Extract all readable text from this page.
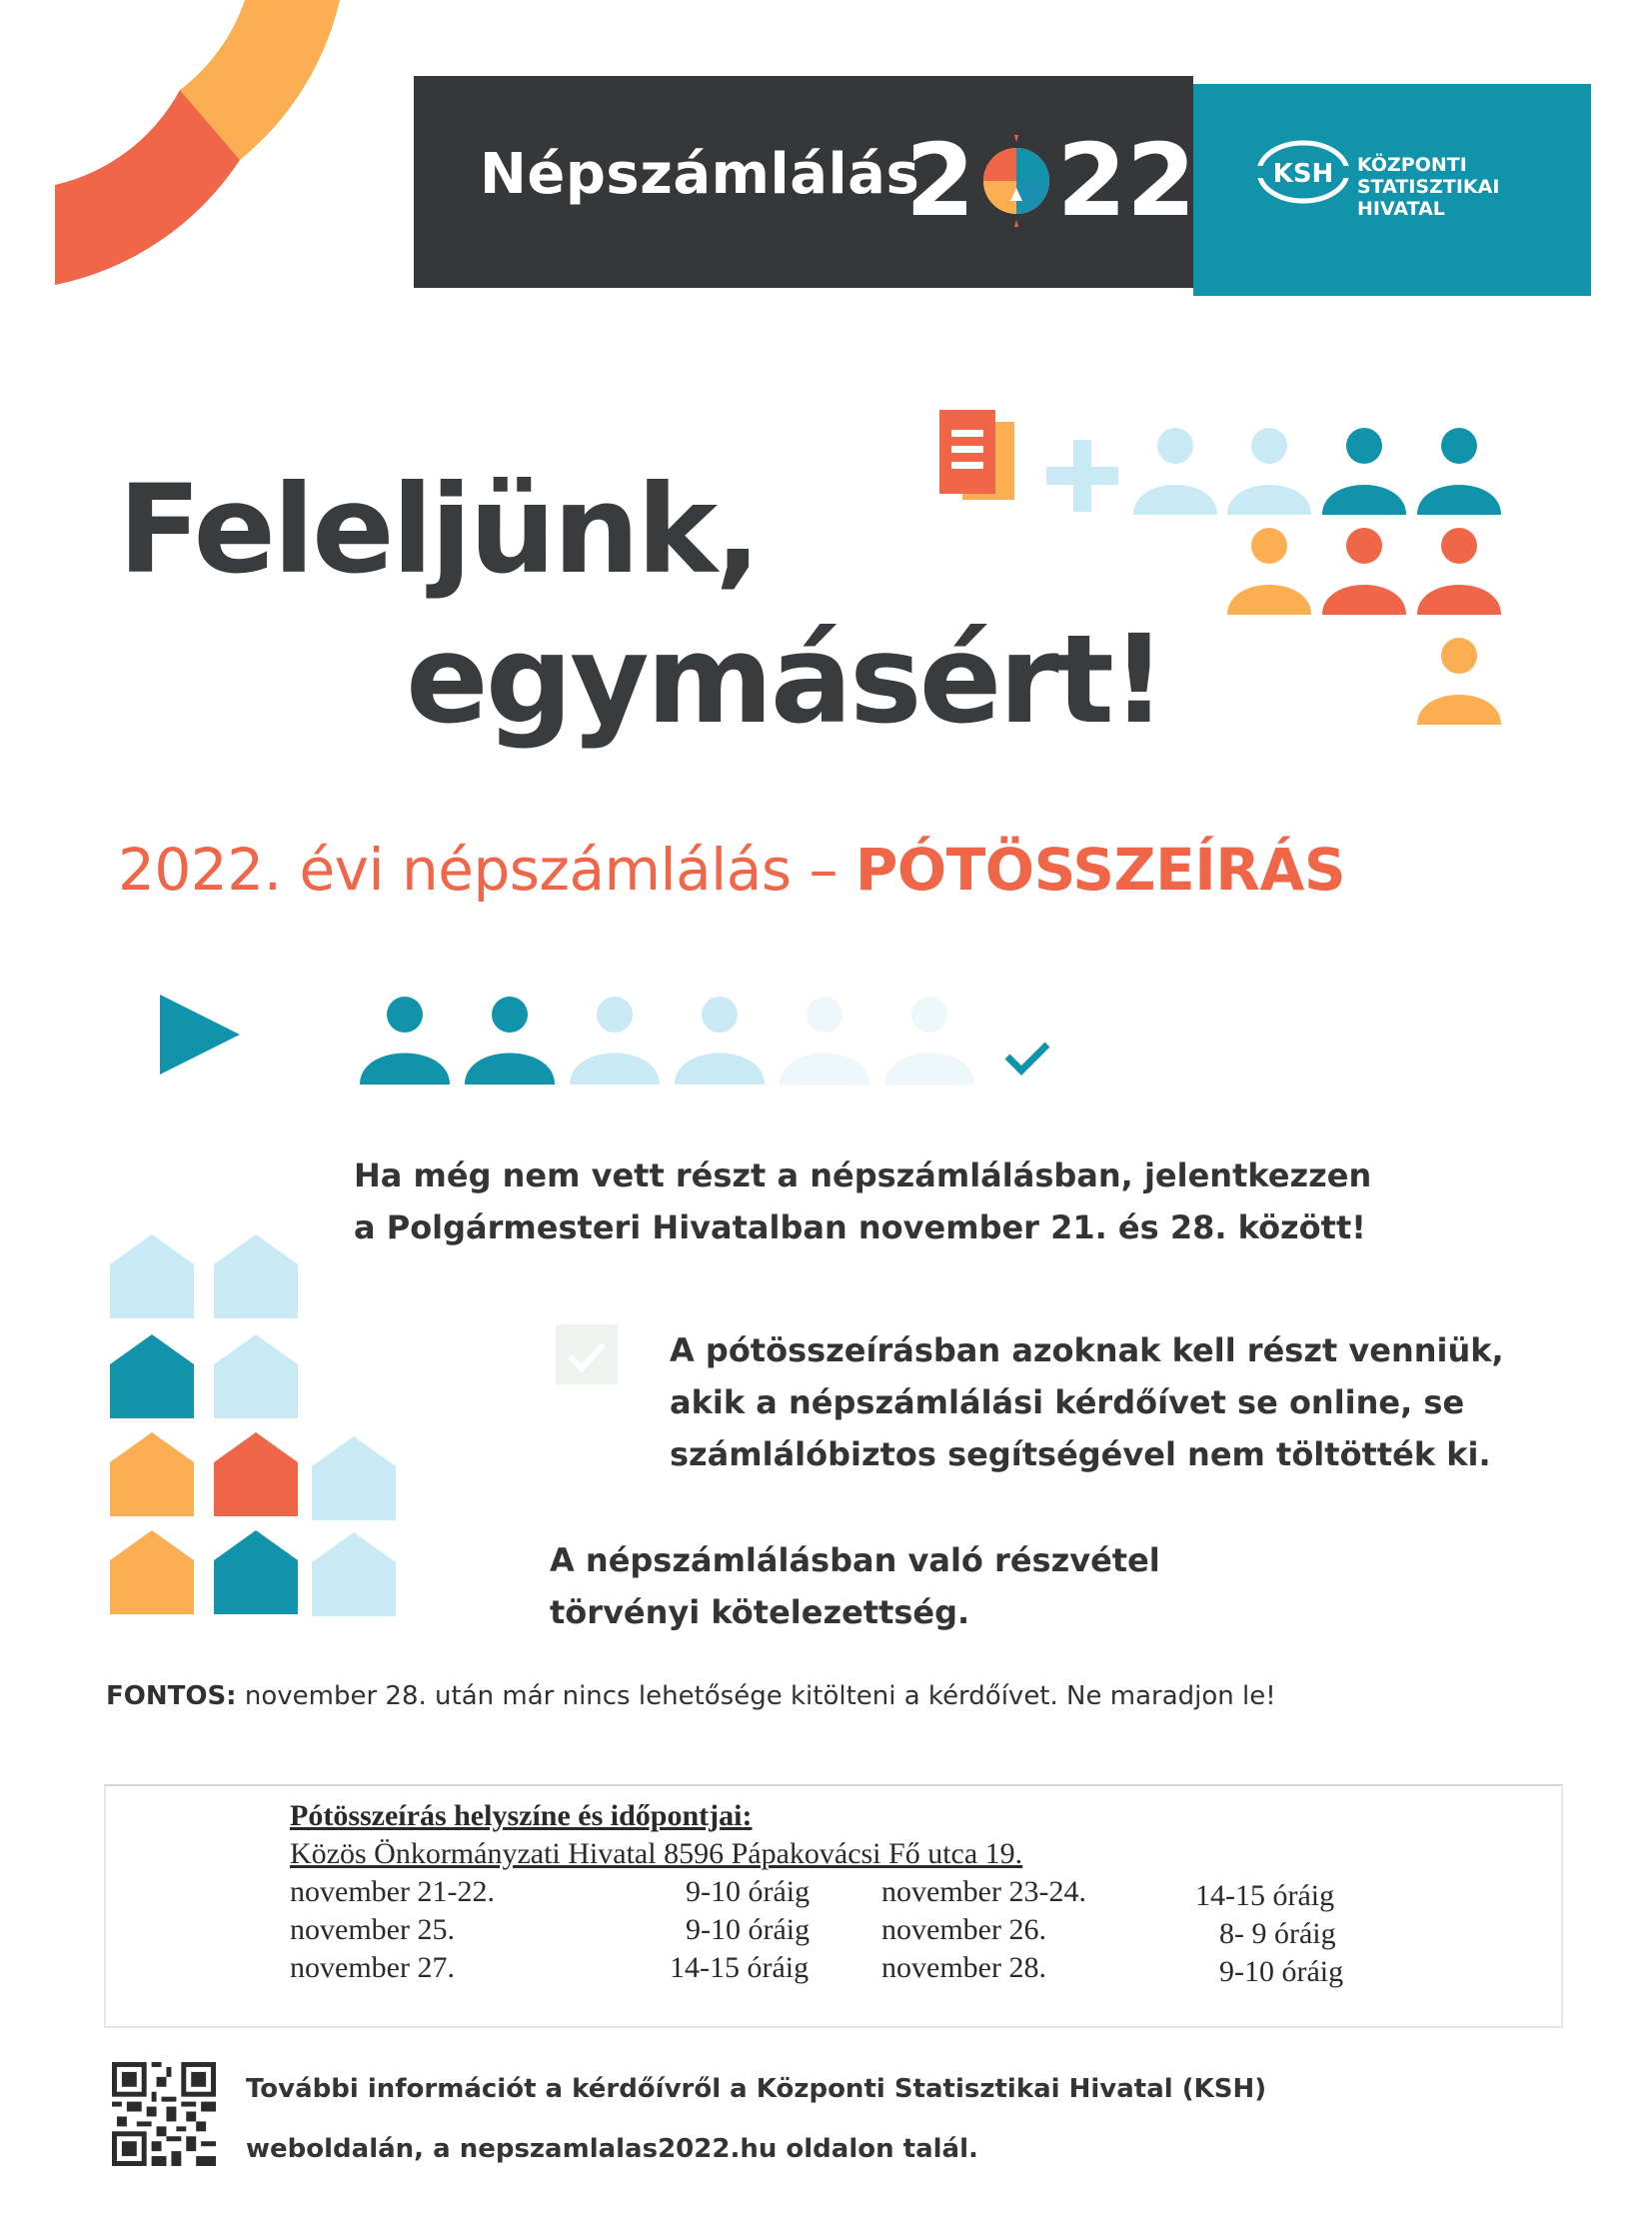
Népszámlálás
2 22	KSH KÖZPONTI
STATISZTIKAI
HIVATAL
Feleljünk,
egymásért!
2022. évi népszámlálás – PÓTÖSSZEÍRÁS
Ha még nem vett részt a népszámlálásban, jelentkezzen
a Polgármesteri Hivatalban november 21. és 28. között!
A pótösszeírásban azoknak kell részt venniük,
akik a népszámlálási kérdőívet se online, se
számlálóbiztos segítségével nem töltötték ki.
A népszámlálásban való részvétel
törvényi kötelezettség.
FONTOS: november 28. után már nincs lehetősége kitölteni a kérdőívet. Ne maradjon le!
Pótösszeírás helyszíne és időpontjai:
Közös Önkormányzati Hivatal 8596 Pápakovácsi Fő utca 19.
november 21-22.	9-10 óráig november 23-24.	14-15 óráig
november 25.	9-10 óráig november 26.	8- 9 óráig
november 27.	14-15 óráig november 28.	9-10 óráig
További információt a kérdőívről a Központi Statisztikai Hivatal (KSH)
weboldalán, a nepszamlalas2022.hu oldalon talál.
